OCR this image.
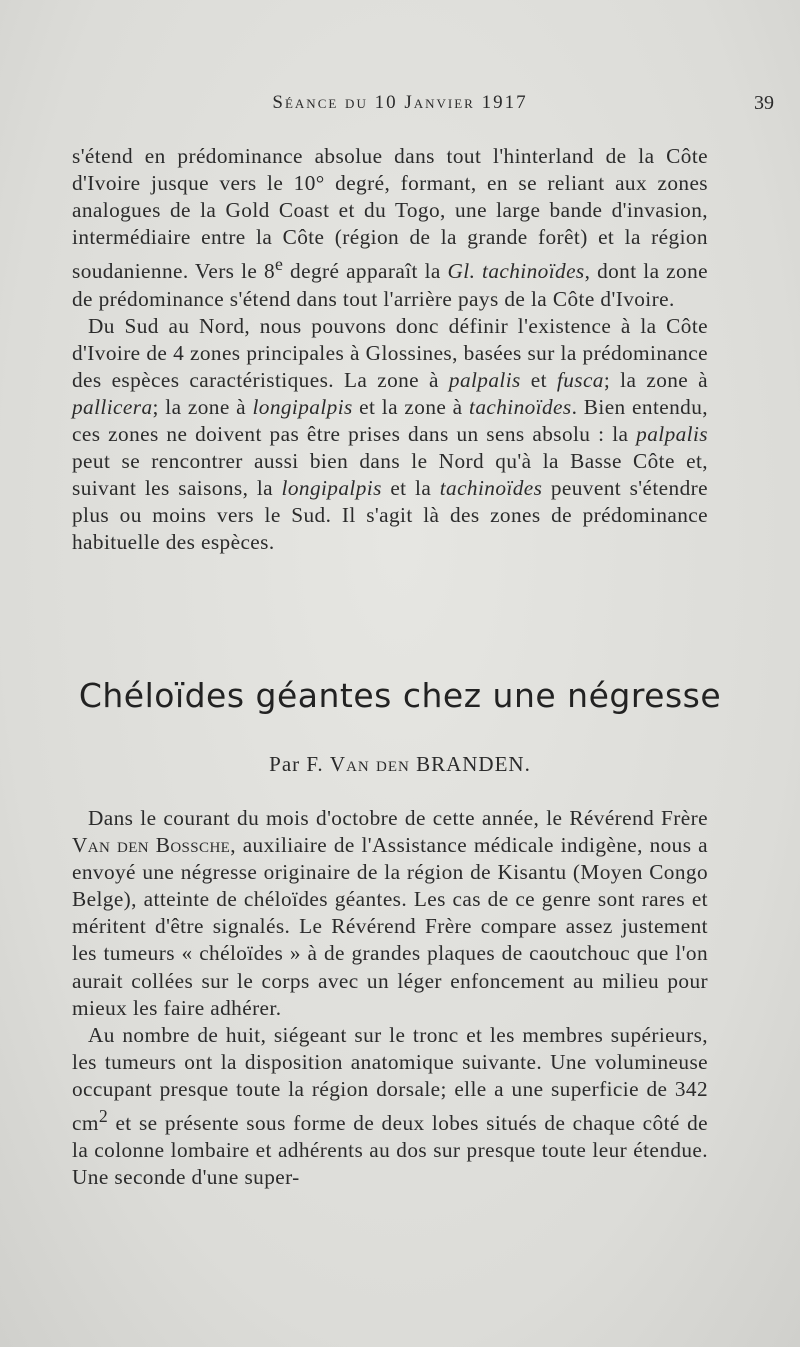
Séance du 10 Janvier 1917	39

s'étend en prédominance absolue dans tout l'hinterland de la Côte d'Ivoire jusque vers le 10° degré, formant, en se reliant aux zones analogues de la Gold Coast et du Togo, une large bande d'invasion, intermédiaire entre la Côte (région de la grande forêt) et la région soudanienne. Vers le 8e degré apparaît la Gl. tachinoïdes, dont la zone de prédominance s'étend dans tout l'arrière pays de la Côte d'Ivoire.

Du Sud au Nord, nous pouvons donc définir l'existence à la Côte d'Ivoire de 4 zones principales à Glossines, basées sur la prédominance des espèces caractéristiques. La zone à palpalis et fusca; la zone à pallicera; la zone à longipalpis et la zone à tachinoïdes. Bien entendu, ces zones ne doivent pas être prises dans un sens absolu : la palpalis peut se rencontrer aussi bien dans le Nord qu'à la Basse Côte et, suivant les saisons, la longipalpis et la tachinoïdes peuvent s'étendre plus ou moins vers le Sud. Il s'agit là des zones de prédominance habituelle des espèces.

Chéloïdes géantes chez une négresse
Par F. Van den BRANDEN.

Dans le courant du mois d'octobre de cette année, le Révérend Frère Van den Bossche, auxiliaire de l'Assistance médicale indigène, nous a envoyé une négresse originaire de la région de Kisantu (Moyen Congo Belge), atteinte de chéloïdes géantes. Les cas de ce genre sont rares et méritent d'être signalés. Le Révérend Frère compare assez justement les tumeurs « chéloïdes » à de grandes plaques de caoutchouc que l'on aurait collées sur le corps avec un léger enfoncement au milieu pour mieux les faire adhérer.

Au nombre de huit, siégeant sur le tronc et les membres supérieurs, les tumeurs ont la disposition anatomique suivante. Une volumineuse occupant presque toute la région dorsale; elle a une superficie de 342 $cm^2$ et se présente sous forme de deux lobes situés de chaque côté de la colonne lombaire et adhérents au dos sur presque toute leur étendue. Une seconde d'une super-
